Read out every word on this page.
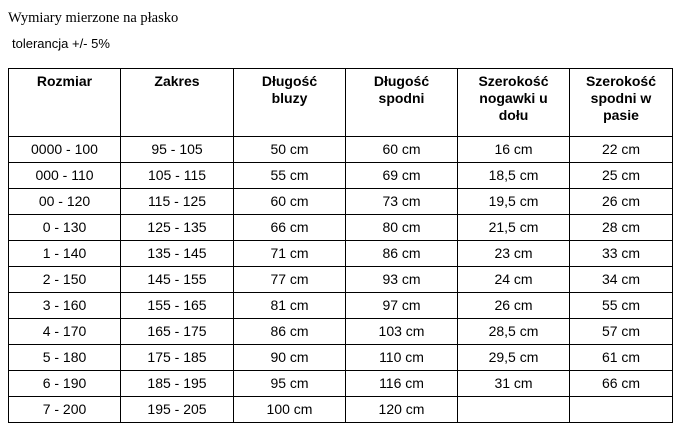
Wymiary mierzone na płasko
tolerancja +/- 5%
Rozmiar	Zakres	Długość bluzy	Długość spodni	Szerokość nogawki u dołu	Szerokość spodni w pasie

0000 - 100	95 - 105	50 cm	60 cm	16 cm	22 cm
000 - 110	105 - 115	55 cm	69 cm	18,5 cm	25 cm
00 - 120	115 - 125	60 cm	73 cm	19,5 cm	26 cm
0 - 130	125 - 135	66 cm	80 cm	21,5 cm	28 cm
1 - 140	135 - 145	71 cm	86 cm	23 cm	33 cm
2 - 150	145 - 155	77 cm	93 cm	24 cm	34 cm
3 - 160	155 - 165	81 cm	97 cm	26 cm	55 cm
4 - 170	165 - 175	86 cm	103 cm	28,5 cm	57 cm
5 - 180	175 - 185	90 cm	110 cm	29,5 cm	61 cm
6 - 190	185 - 195	95 cm	116 cm	31 cm	66 cm
7 - 200	195 - 205	100 cm	120 cm		
